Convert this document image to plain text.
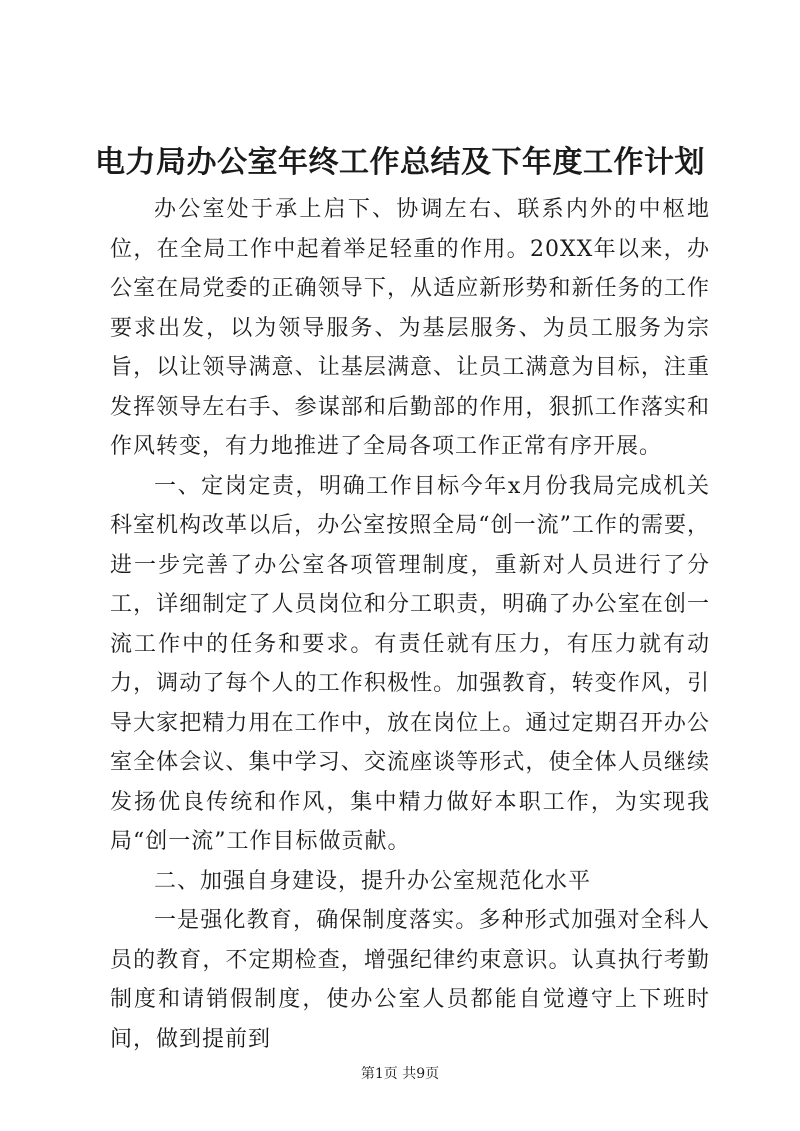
电力局办公室年终工作总结及下年度工作计划

办公室处于承上启下、协调左右、联系内外的中枢地位，在全局工作中起着举足轻重的作用。20XX年以来，办公室在局党委的正确领导下，从适应新形势和新任务的工作要求出发，以为领导服务、为基层服务、为员工服务为宗旨，以让领导满意、让基层满意、让员工满意为目标，注重发挥领导左右手、参谋部和后勤部的作用，狠抓工作落实和作风转变，有力地推进了全局各项工作正常有序开展。

一、定岗定责，明确工作目标今年x月份我局完成机关科室机构改革以后，办公室按照全局“创一流”工作的需要，进一步完善了办公室各项管理制度，重新对人员进行了分工，详细制定了人员岗位和分工职责，明确了办公室在创一流工作中的任务和要求。有责任就有压力，有压力就有动力，调动了每个人的工作积极性。加强教育，转变作风，引导大家把精力用在工作中，放在岗位上。通过定期召开办公室全体会议、集中学习、交流座谈等形式，使全体人员继续发扬优良传统和作风，集中精力做好本职工作，为实现我局“创一流”工作目标做贡献。

二、加强自身建设，提升办公室规范化水平

一是强化教育，确保制度落实。多种形式加强对全科人员的教育，不定期检查，增强纪律约束意识。认真执行考勤制度和请销假制度，使办公室人员都能自觉遵守上下班时间，做到提前到

第1页 共9页
